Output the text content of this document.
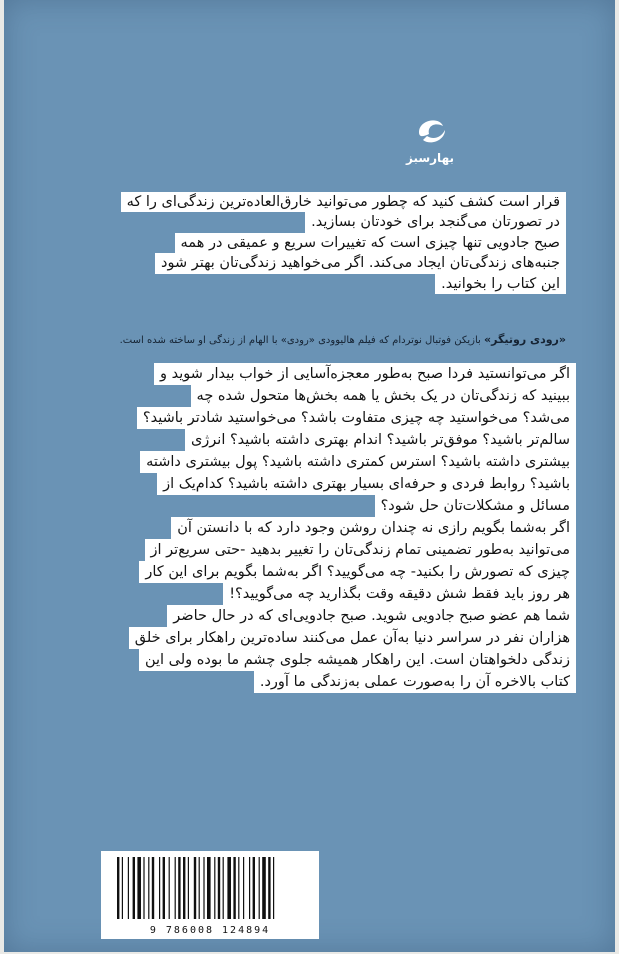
بهارسبز
قرار است کشف کنید که چطور می‌توانید خارق‌العاده‌ترین زندگی‌ای را که
در تصورتان می‌گنجد برای خودتان بسازید.
صبح جادویی تنها چیزی است که تغییرات سریع و عمیقی در همه
جنبه‌های زندگی‌تان ایجاد می‌کند. اگر می‌خواهید زندگی‌تان بهتر شود
این کتاب را بخوانید.
«رودی روتیگر» بازیکن فوتبال نوتردام که فیلم هالیوودی «رودی» با الهام از زندگی او ساخته شده است.
اگر می‌توانستید فردا صبح به‌طور معجزه‌آسایی از خواب بیدار شوید و
ببینید که زندگی‌تان در یک بخش یا همه بخش‌ها متحول شده چه
می‌شد؟ می‌خواستید چه چیزی متفاوت باشد؟ می‌خواستید شادتر باشید؟
سالم‌تر باشید؟ موفق‌تر باشید؟ اندام بهتری داشته باشید؟ انرژی
بیشتری داشته باشید؟ استرس کمتری داشته باشید؟ پول بیشتری داشته
باشید؟ روابط فردی و حرفه‌ای بسیار بهتری داشته باشید؟ کدام‌یک از
مسائل و مشکلات‌تان حل شود؟
اگر به‌شما بگویم رازی نه چندان روشن وجود دارد که با دانستن آن
می‌توانید به‌طور تضمینی تمام زندگی‌تان را تغییر بدهید -حتی سریع‌تر از
چیزی که تصورش را بکنید- چه می‌گویید؟ اگر به‌شما بگویم برای این کار
هر روز باید فقط شش دقیقه وقت بگذارید چه می‌گویید؟!
شما هم عضو صبح جادویی شوید. صبح جادویی‌ای که در حال حاضر
هزاران نفر در سراسر دنیا به‌آن عمل می‌کنند ساده‌ترین راهکار برای خلق
زندگی دلخواهتان است. این راهکار همیشه جلوی چشم ما بوده ولی این
کتاب بالاخره آن را به‌صورت عملی به‌زندگی ما آورد.
9 786008 124894
